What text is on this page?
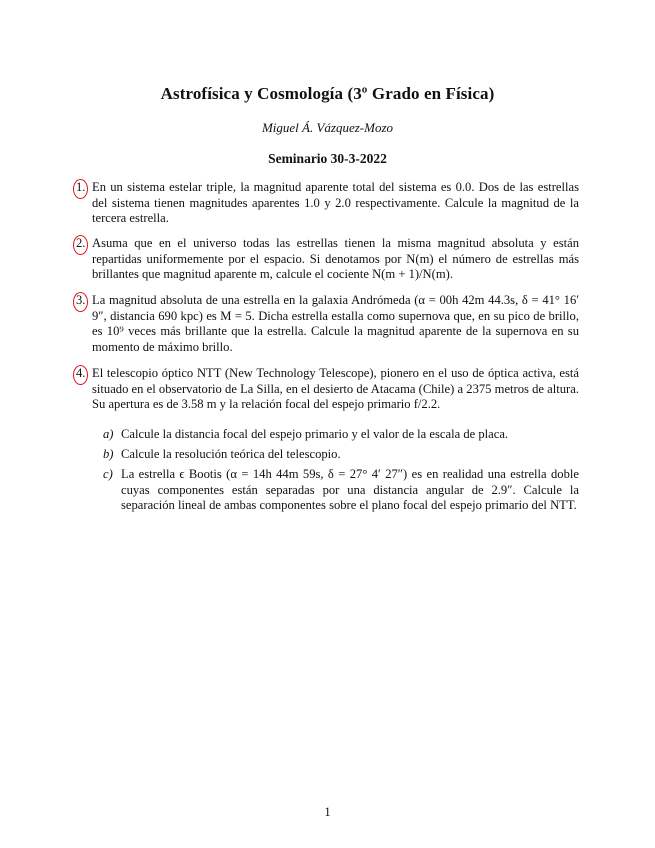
Astrofísica y Cosmología (3º Grado en Física)
Miguel Á. Vázquez-Mozo
Seminario 30-3-2022
1. En un sistema estelar triple, la magnitud aparente total del sistema es 0.0. Dos de las estrellas del sistema tienen magnitudes aparentes 1.0 y 2.0 respectivamente. Calcule la magnitud de la tercera estrella.
2. Asuma que en el universo todas las estrellas tienen la misma magnitud absoluta y están repartidas uniformemente por el espacio. Si denotamos por N(m) el número de estrellas más brillantes que magnitud aparente m, calcule el cociente N(m + 1)/N(m).
3. La magnitud absoluta de una estrella en la galaxia Andrómeda (α = 00h 42m 44.3s, δ = 41° 16′ 9″, distancia 690 kpc) es M = 5. Dicha estrella estalla como supernova que, en su pico de brillo, es 10⁹ veces más brillante que la estrella. Calcule la magnitud aparente de la supernova en su momento de máximo brillo.
4. El telescopio óptico NTT (New Technology Telescope), pionero en el uso de óptica activa, está situado en el observatorio de La Silla, en el desierto de Atacama (Chile) a 2375 metros de altura. Su apertura es de 3.58 m y la relación focal del espejo primario f/2.2.
a) Calcule la distancia focal del espejo primario y el valor de la escala de placa.
b) Calcule la resolución teórica del telescopio.
c) La estrella ϵ Bootis (α = 14h 44m 59s, δ = 27° 4′ 27″) es en realidad una estrella doble cuyas componentes están separadas por una distancia angular de 2.9″. Calcule la separación lineal de ambas componentes sobre el plano focal del espejo primario del NTT.
1
